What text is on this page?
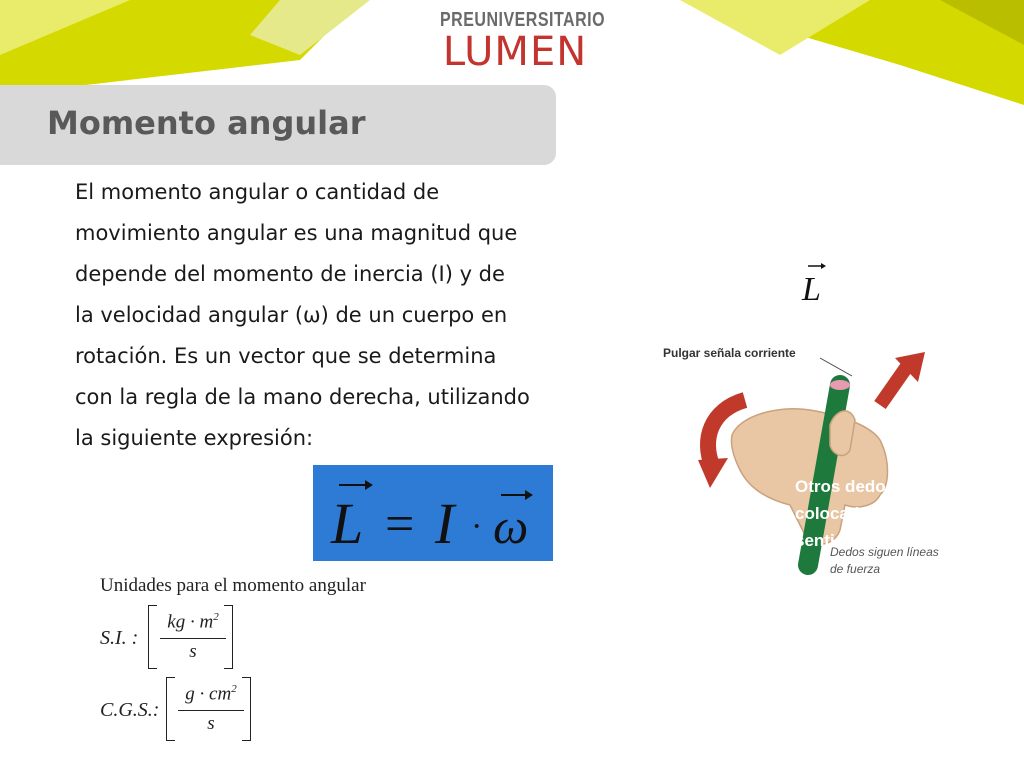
PREUNIVERSITARIO
LUMEN
Momento angular
El momento angular o cantidad de
movimiento angular es una magnitud que
depende del momento de inercia (I) y de
la velocidad angular (ω) de un cuerpo en
rotación. Es un vector que se determina
con la regla de la mano derecha, utilizando
la siguiente expresión:
L = I · ω
Unidades para el momento angular
S.I. :
kg · $m^2$
s
C.G.S.:
$g \cdot cm^2$
s
L
Pulgar señala corriente
Dedos siguen líneas
de fuerza
Otros dedos
colocados e
sentido
